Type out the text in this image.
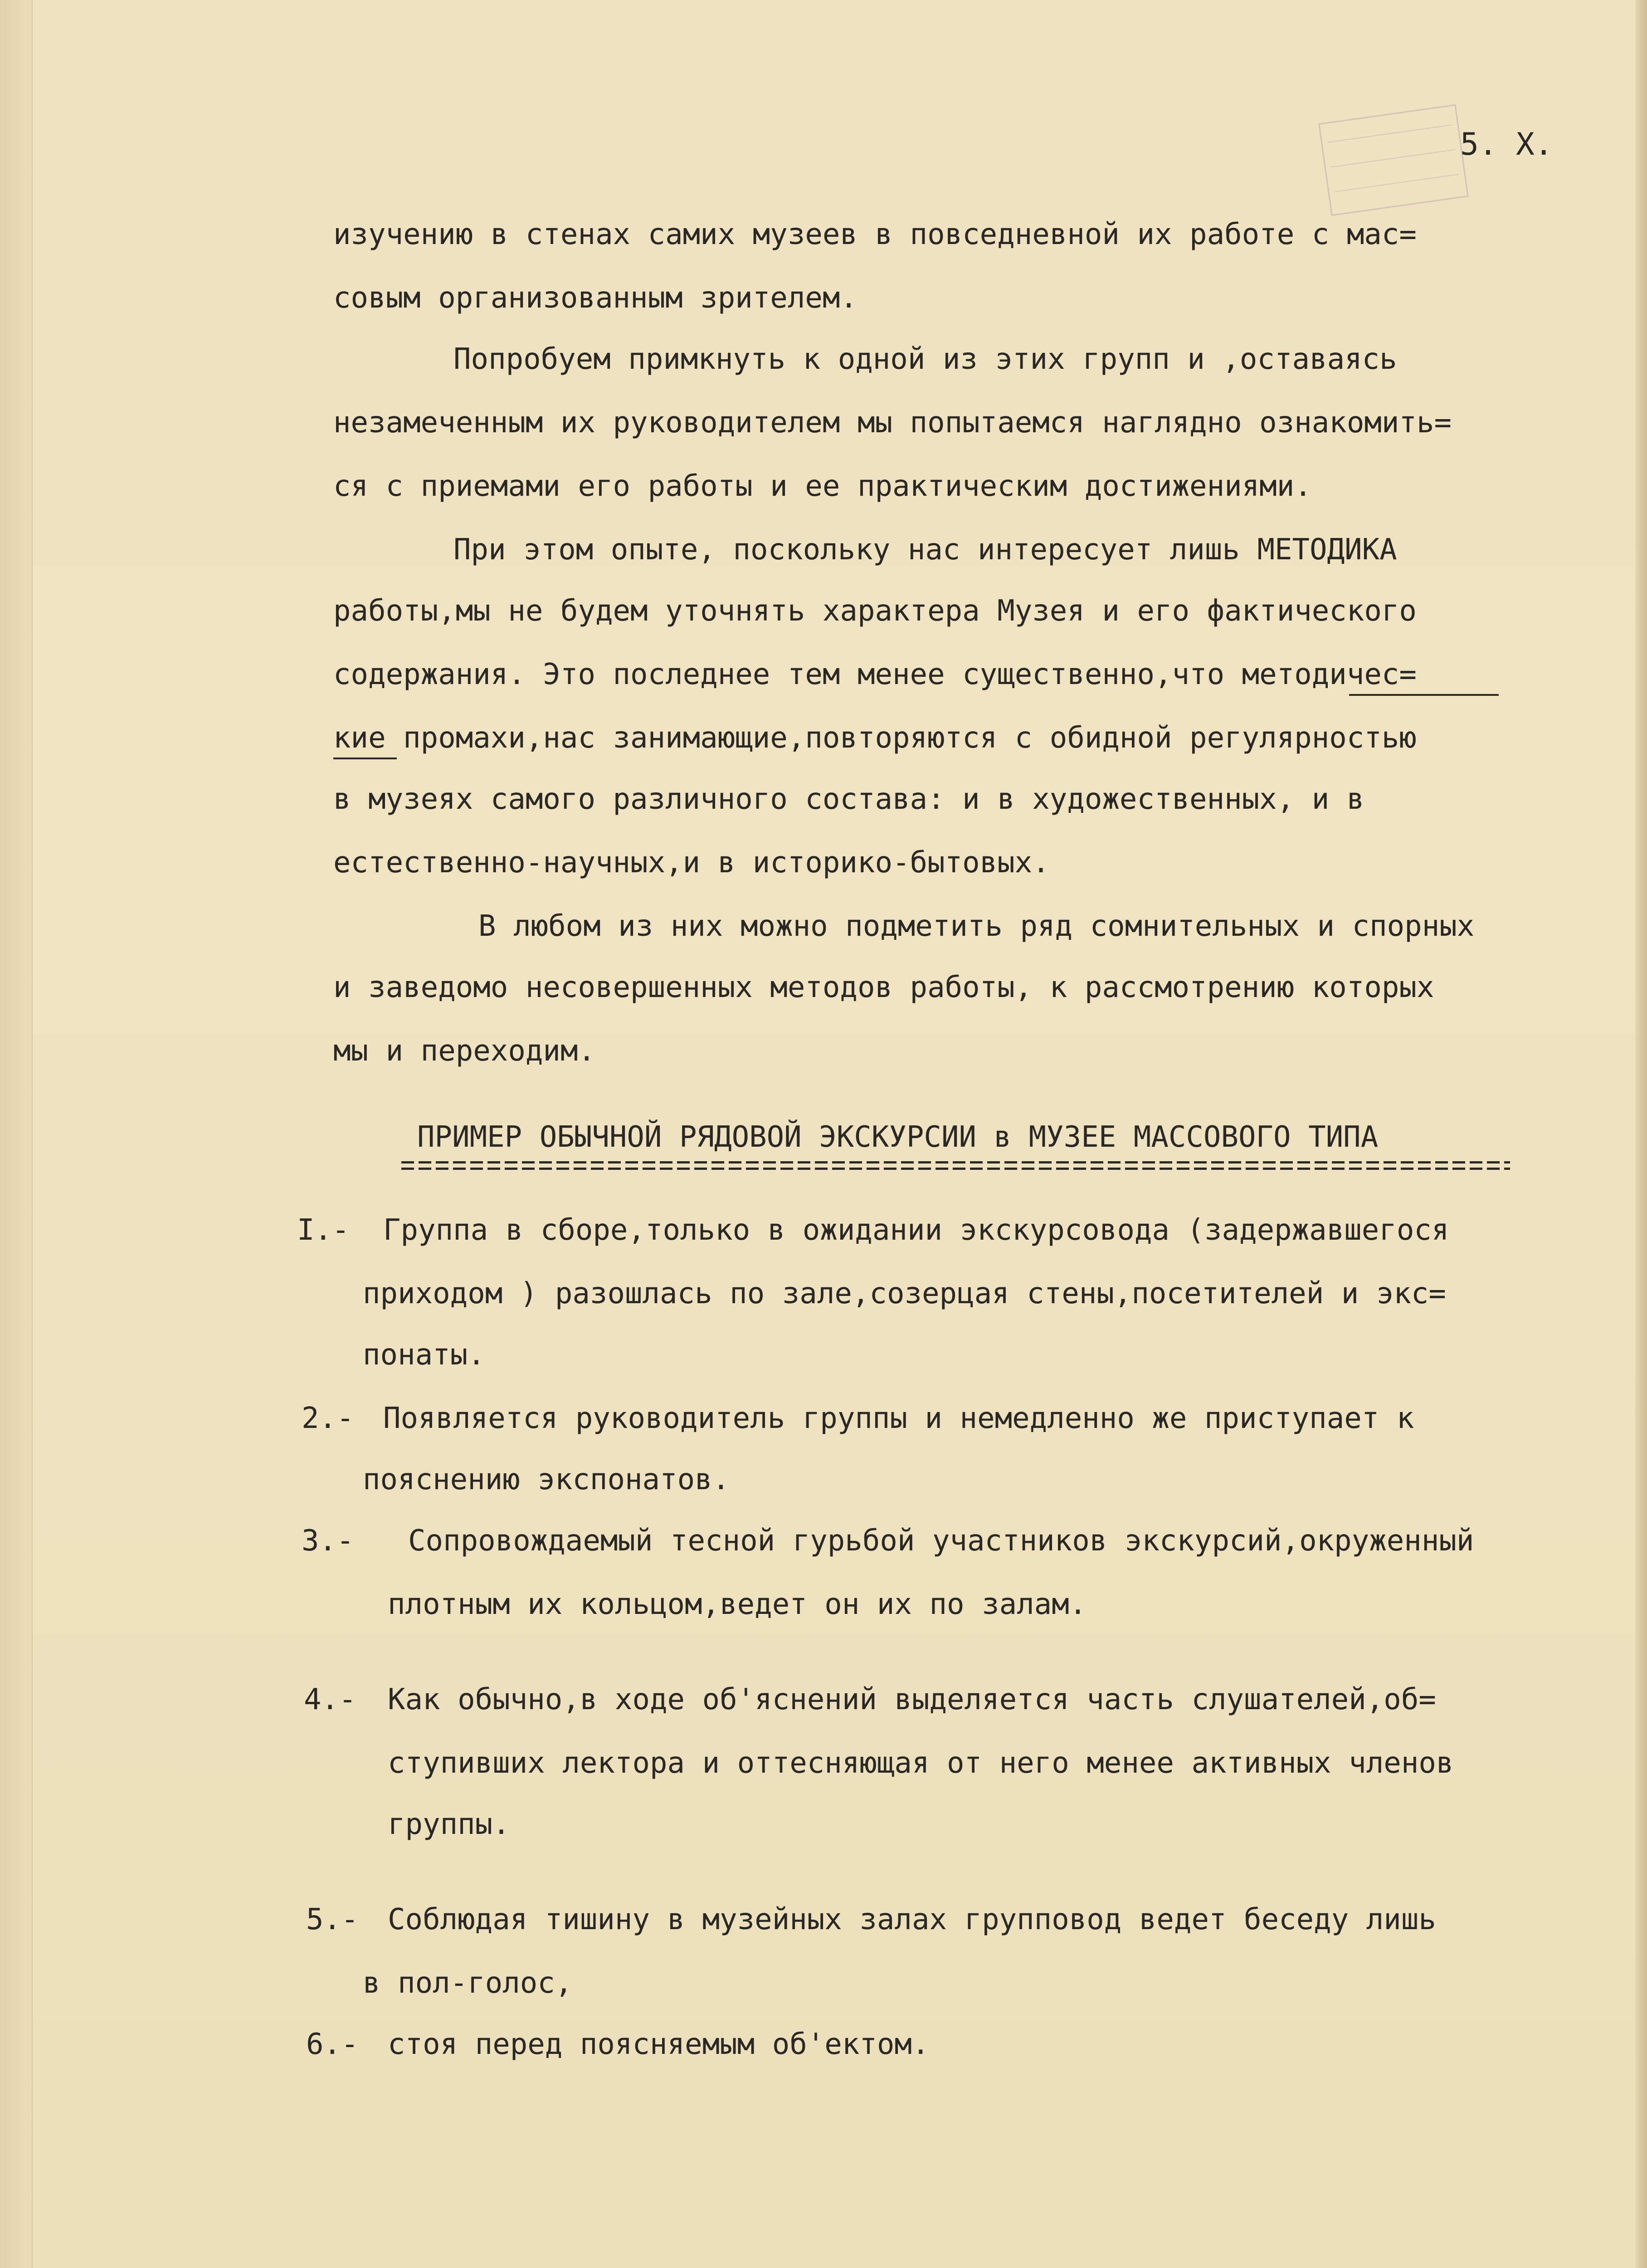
5. X.
изучению в стенах самих музеев в повседневной их работе с мас=
совым организованным зрителем.
Попробуем примкнуть к одной из этих групп и ,оставаясь
незамеченным их руководителем мы попытаемся наглядно ознакомить=
ся с приемами его работы и ее практическим достижениями.
При этом опыте, поскольку нас интересует лишь МЕТОДИКА
работы,мы не будем уточнять характера Музея и его фактического
содержания. Это последнее тем менее существенно,что методичес=
кие промахи,нас занимающие,повторяются с обидной регулярностью
в музеях самого различного состава: и в художественных, и в
естественно-научных,и в историко-бытовых.
В любом из них можно подметить ряд сомнительных и спорных
и заведомо несовершенных методов работы, к рассмотрению которых
мы и переходим.
ПРИМЕР ОБЫЧНОЙ РЯДОВОЙ ЭКСКУРСИИ в МУЗЕЕ МАССОВОГО ТИПА
I.- Группа в сборе,только в ожидании экскурсовода (задержавшегося
приходом ) разошлась по зале,созерцая стены,посетителей и экс=
понаты.
2.- Появляется руководитель группы и немедленно же приступает к
пояснению экспонатов.
3.- Сопровождаемый тесной гурьбой участников экскурсий,окруженный
плотным их кольцом,ведет он их по залам.
4.- Как обычно,в ходе об'яснений выделяется часть слушателей,об=
ступивших лектора и оттесняющая от него менее активных членов
группы.
5.- Соблюдая тишину в музейных залах групповод ведет беседу лишь
в пол-голос,
6.- стоя перед поясняемым об'ектом.
